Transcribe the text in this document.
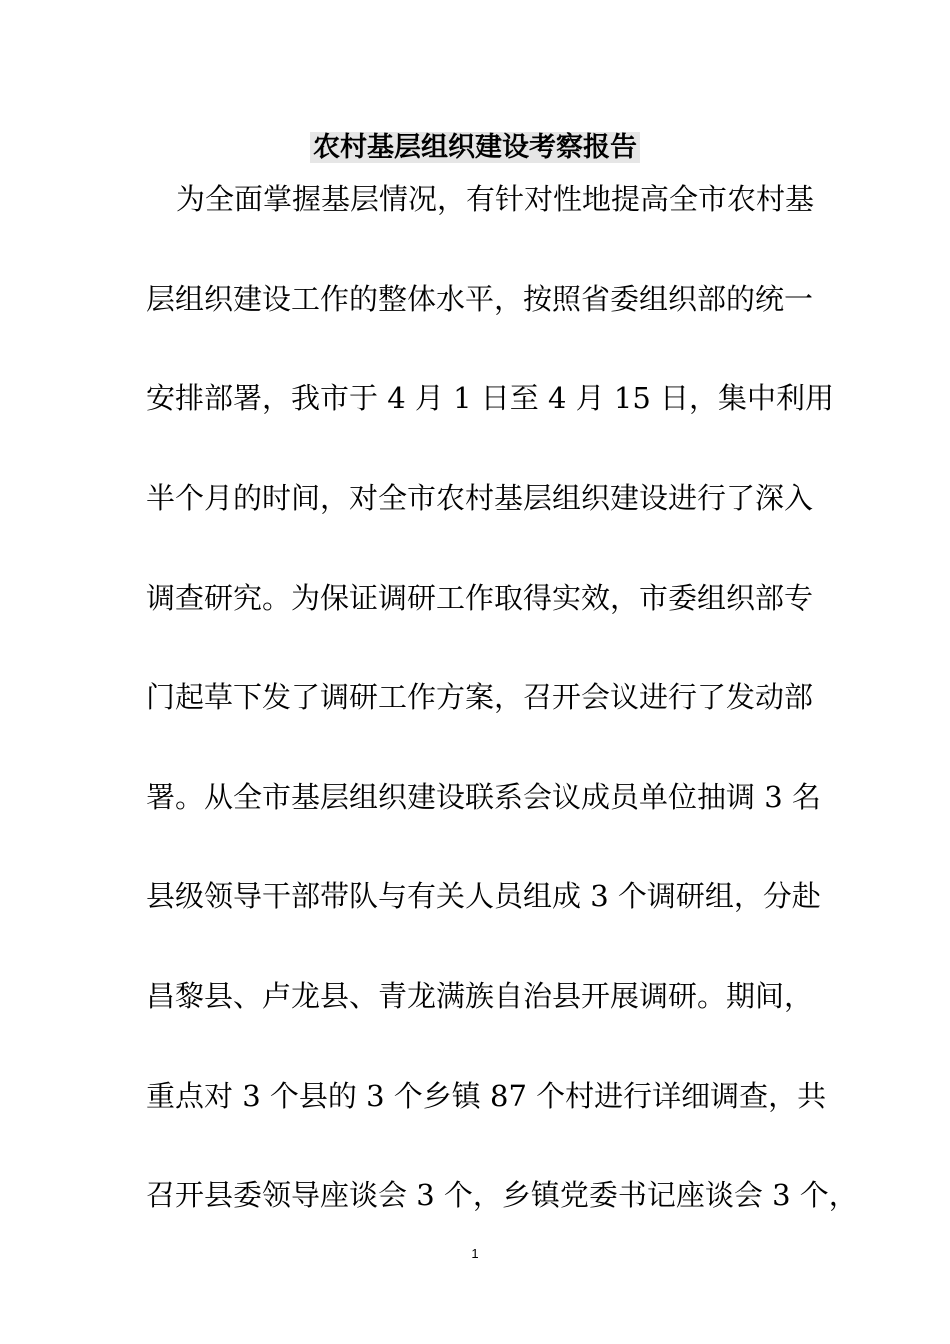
农村基层组织建设考察报告
为全面掌握基层情况，有针对性地提高全市农村基
层组织建设工作的整体水平，按照省委组织部的统一
安排部署，我市于 4 月 1 日至 4 月 15 日，集中利用
半个月的时间，对全市农村基层组织建设进行了深入
调查研究。为保证调研工作取得实效，市委组织部专
门起草下发了调研工作方案，召开会议进行了发动部
署。从全市基层组织建设联系会议成员单位抽调 3 名
县级领导干部带队与有关人员组成 3 个调研组，分赴
昌黎县、卢龙县、青龙满族自治县开展调研。期间，
重点对 3 个县的 3 个乡镇 87 个村进行详细调查，共
召开县委领导座谈会 3 个，乡镇党委书记座谈会 3 个，
1
